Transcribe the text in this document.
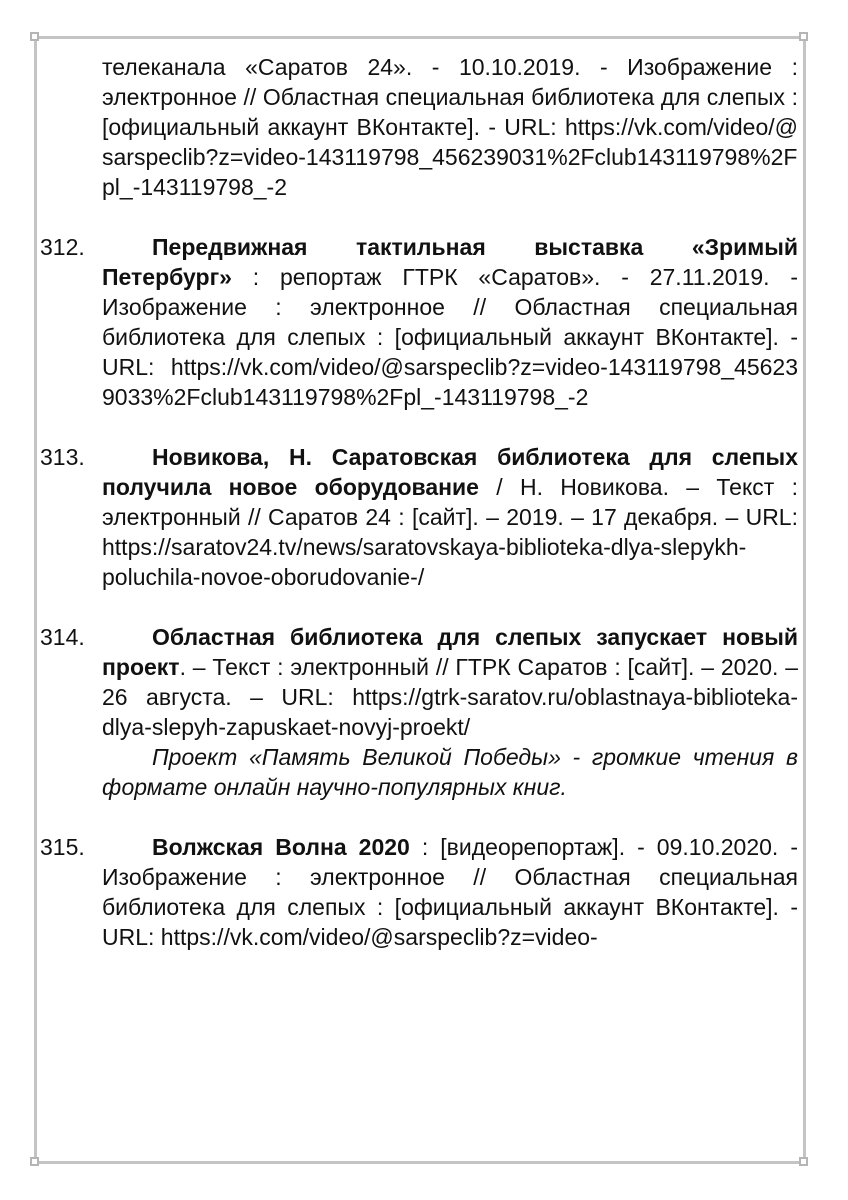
телеканала «Саратов 24». - 10.10.2019. - Изображение : электронное // Областная специальная библиотека для слепых : [официальный аккаунт ВКонтакте]. - URL: https://vk.com/video/@sarspeclib?z=video-143119798_456239031%2Fclub143119798%2Fpl_-143119798_-2
312.	Передвижная тактильная выставка «Зримый Петербург» : репортаж ГТРК «Саратов». - 27.11.2019. - Изображение : электронное // Областная специальная библиотека для слепых : [официальный аккаунт ВКонтакте]. - URL: https://vk.com/video/@sarspeclib?z=video-143119798_456239033%2Fclub143119798%2Fpl_-143119798_-2
313.	Новикова, Н. Саратовская библиотека для слепых получила новое оборудование / Н. Новикова. – Текст : электронный // Саратов 24 : [сайт]. – 2019. – 17 декабря. – URL: https://saratov24.tv/news/saratovskaya-biblioteka-dlya-slepykh-poluchila-novoe-oborudovanie-/
314.	Областная библиотека для слепых запускает новый проект. – Текст : электронный // ГТРК Саратов : [сайт]. – 2020. – 26 августа. – URL: https://gtrk-saratov.ru/oblastnaya-biblioteka-dlya-slepyh-zapuskaet-novyj-proekt/
Проект «Память Великой Победы» - громкие чтения в формате онлайн научно-популярных книг.
315.	Волжская Волна 2020 : [видеорепортаж]. - 09.10.2020. - Изображение : электронное // Областная специальная библиотека для слепых : [официальный аккаунт ВКонтакте]. - URL: https://vk.com/video/@sarspeclib?z=video-
